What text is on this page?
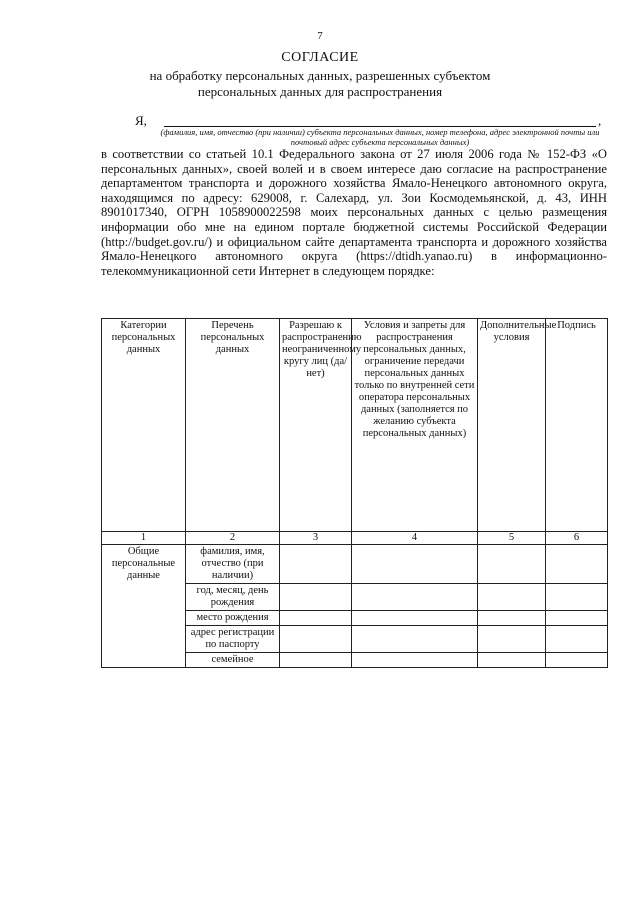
7
СОГЛАСИЕ
на обработку персональных данных, разрешенных субъектом персональных данных для распространения
Я,	,
(фамилия, имя, отчество (при наличии) субъекта персональных данных, номер телефона, адрес электронной почты или почтовый адрес субъекта персональных данных)
в соответствии со статьей 10.1 Федерального закона от 27 июля 2006 года № 152-ФЗ «О персональных данных», своей волей и в своем интересе даю согласие на распространение департаментом транспорта и дорожного хозяйства Ямало-Ненецкого автономного округа, находящимся по адресу: 629008, г. Салехард, ул. Зои Космодемьянской, д. 43, ИНН 8901017340, ОГРН 1058900022598 моих персональных данных с целью размещения информации обо мне на едином портале бюджетной системы Российской Федерации (http://budget.gov.ru/) и официальном сайте департамента транспорта и дорожного хозяйства Ямало-Ненецкого автономного округа (https://dtidh.yanao.ru) в информационно-телекоммуникационной сети Интернет в следующем порядке:
Категории персональных данных	Перечень персональных данных	Разрешаю к распространению неограниченному кругу лиц (да/нет)	Условия и запреты для распространения персональных данных, ограничение передачи персональных данных только по внутренней сети оператора персональных данных (заполняется по желанию субъекта персональных данных)	Дополнительные условия	Подпись
1	2	3	4	5	6
Общие персональные данные	фамилия, имя, отчество (при наличии)				
	год, месяц, день рождения				
	место рождения				
	адрес регистрации по паспорту				
	семейное				
